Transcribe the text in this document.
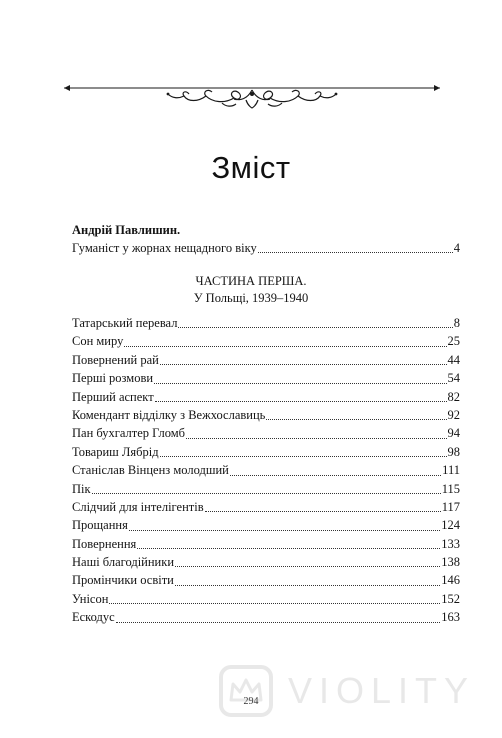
Зміст
Андрій Павлишин.
Гуманіст у жорнах нещадного віку	4
ЧАСТИНА ПЕРША.
У Польщі, 1939–1940
Татарський перевал	8
Сон миру	25
Повернений рай	44
Перші розмови	54
Перший аспект	82
Комендант відділку з Вежхославиць	92
Пан бухгалтер Гломб	94
Товариш Лябрід	98
Станіслав Вінценз молодший	111
Пік	115
Слідчий для інтелігентів	117
Прощання	124
Повернення	133
Наші благодійники	138
Промінчики освіти	146
Унісон	152
Ескодус	163
294 VIOLITY
